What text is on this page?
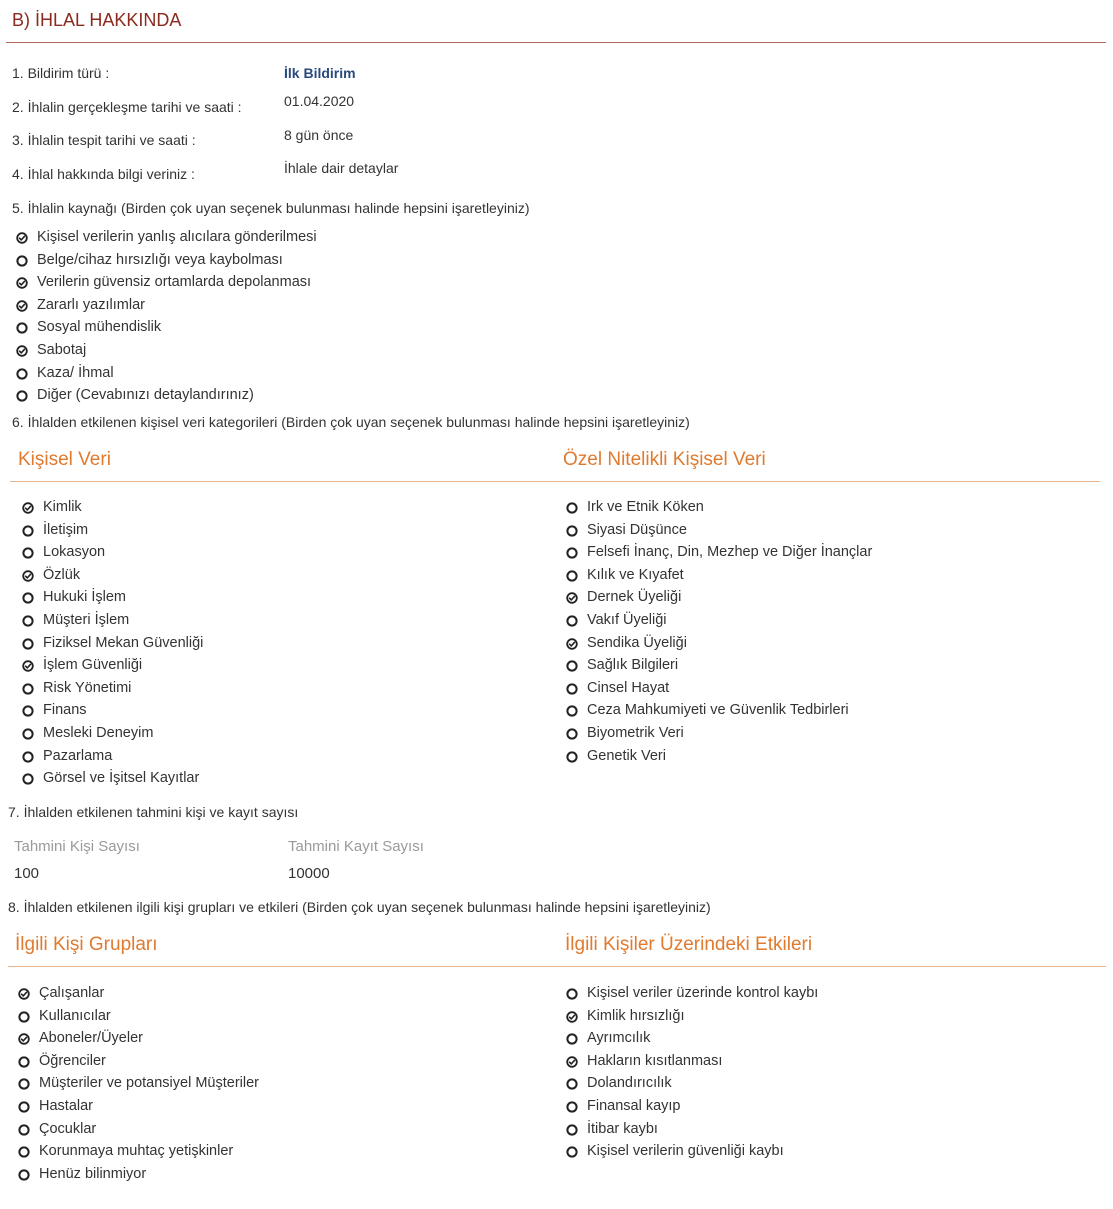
B) İHLAL HAKKINDA
1. Bildirim türü :	İlk Bildirim
2. İhlalin gerçekleşme tarihi ve saati :	01.04.2020
3. İhlalin tespit tarihi ve saati :	8 gün önce
4. İhlal hakkında bilgi veriniz :	İhlale dair detaylar
5. İhlalin kaynağı (Birden çok uyan seçenek bulunması halinde hepsini işaretleyiniz)
Kişisel verilerin yanlış alıcılara gönderilmesi
Belge/cihaz hırsızlığı veya kaybolması
Verilerin güvensiz ortamlarda depolanması
Zararlı yazılımlar
Sosyal mühendislik
Sabotaj
Kaza/ İhmal
Diğer (Cevabınızı detaylandırınız)
6. İhlalden etkilenen kişisel veri kategorileri (Birden çok uyan seçenek bulunması halinde hepsini işaretleyiniz)
Kişisel Veri	Özel Nitelikli Kişisel Veri
Kimlik
İletişim
Lokasyon
Özlük
Hukuki İşlem
Müşteri İşlem
Fiziksel Mekan Güvenliği
İşlem Güvenliği
Risk Yönetimi
Finans
Mesleki Deneyim
Pazarlama
Görsel ve İşitsel Kayıtlar
Irk ve Etnik Köken
Siyasi Düşünce
Felsefi İnanç, Din, Mezhep ve Diğer İnançlar
Kılık ve Kıyafet
Dernek Üyeliği
Vakıf Üyeliği
Sendika Üyeliği
Sağlık Bilgileri
Cinsel Hayat
Ceza Mahkumiyeti ve Güvenlik Tedbirleri
Biyometrik Veri
Genetik Veri
7. İhlalden etkilenen tahmini kişi ve kayıt sayısı
Tahmini Kişi Sayısı	Tahmini Kayıt Sayısı
100	10000
8. İhlalden etkilenen ilgili kişi grupları ve etkileri (Birden çok uyan seçenek bulunması halinde hepsini işaretleyiniz)
İlgili Kişi Grupları	İlgili Kişiler Üzerindeki Etkileri
Çalışanlar
Kullanıcılar
Aboneler/Üyeler
Öğrenciler
Müşteriler ve potansiyel Müşteriler
Hastalar
Çocuklar
Korunmaya muhtaç yetişkinler
Henüz bilinmiyor
Kişisel veriler üzerinde kontrol kaybı
Kimlik hırsızlığı
Ayrımcılık
Hakların kısıtlanması
Dolandırıcılık
Finansal kayıp
İtibar kaybı
Kişisel verilerin güvenliği kaybı
